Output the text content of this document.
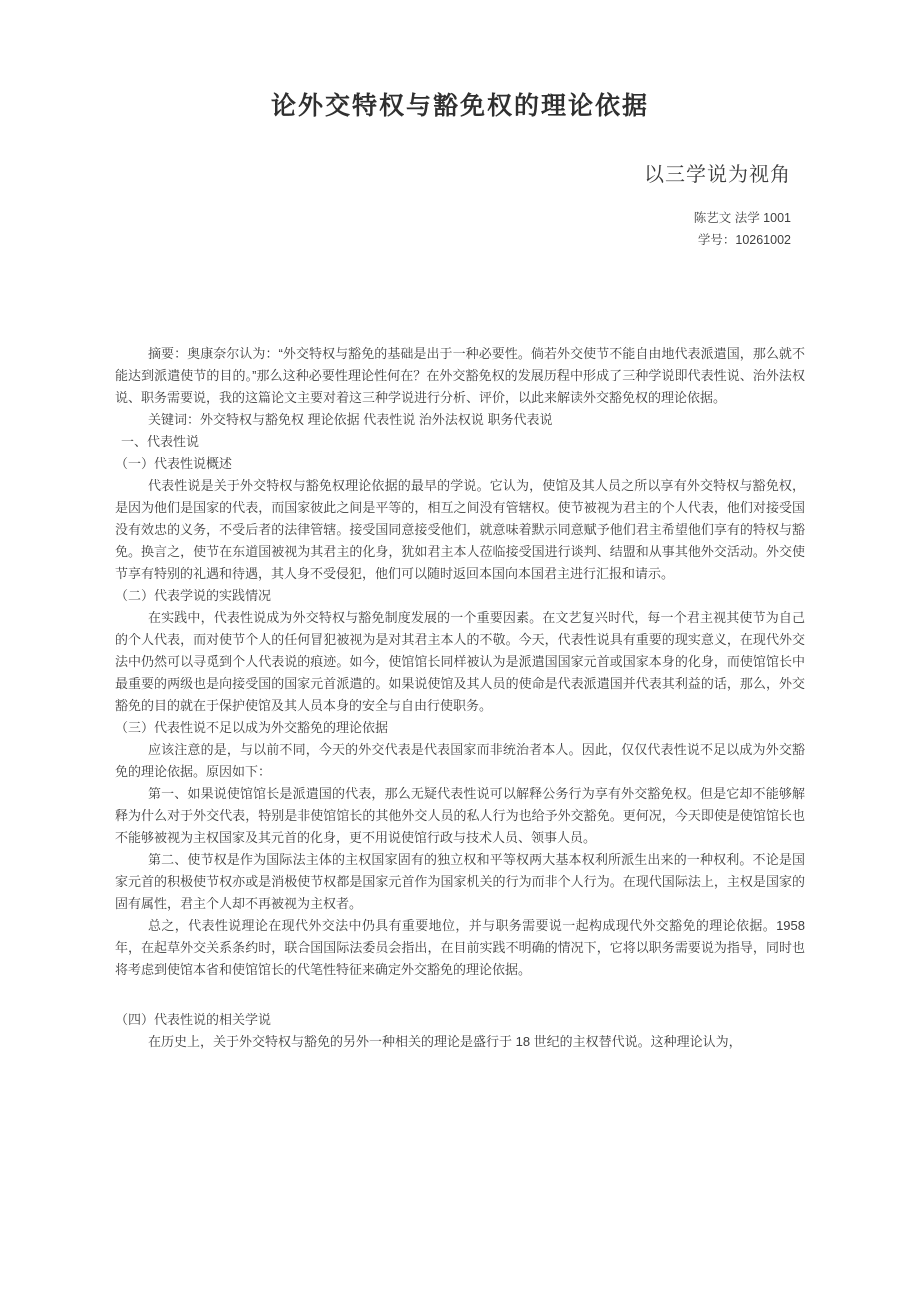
论外交特权与豁免权的理论依据
以三学说为视角
陈艺文 法学 1001
学号：10261002

摘要：奥康奈尔认为：“外交特权与豁免的基础是出于一种必要性。倘若外交使节不能自由地代表派遣国，那么就不能达到派遣使节的目的。”那么这种必要性理论性何在？在外交豁免权的发展历程中形成了三种学说即代表性说、治外法权说、职务需要说，我的这篇论文主要对着这三种学说进行分析、评价，以此来解读外交豁免权的理论依据。

关键词：外交特权与豁免权 理论依据 代表性说 治外法权说 职务代表说

一、代表性说

（一）代表性说概述

代表性说是关于外交特权与豁免权理论依据的最早的学说。它认为，使馆及其人员之所以享有外交特权与豁免权，是因为他们是国家的代表，而国家彼此之间是平等的，相互之间没有管辖权。使节被视为君主的个人代表，他们对接受国没有效忠的义务，不受后者的法律管辖。接受国同意接受他们，就意味着默示同意赋予他们君主希望他们享有的特权与豁免。换言之，使节在东道国被视为其君主的化身，犹如君主本人莅临接受国进行谈判、结盟和从事其他外交活动。外交使节享有特别的礼遇和待遇，其人身不受侵犯，他们可以随时返回本国向本国君主进行汇报和请示。

（二）代表学说的实践情况

在实践中，代表性说成为外交特权与豁免制度发展的一个重要因素。在文艺复兴时代，每一个君主视其使节为自己的个人代表，而对使节个人的任何冒犯被视为是对其君主本人的不敬。今天，代表性说具有重要的现实意义，在现代外交法中仍然可以寻觅到个人代表说的痕迹。如今，使馆馆长同样被认为是派遣国国家元首或国家本身的化身，而使馆馆长中最重要的两级也是向接受国的国家元首派遣的。如果说使馆及其人员的使命是代表派遣国并代表其利益的话，那么，外交豁免的目的就在于保护使馆及其人员本身的安全与自由行使职务。

（三）代表性说不足以成为外交豁免的理论依据

应该注意的是，与以前不同，今天的外交代表是代表国家而非统治者本人。因此，仅仅代表性说不足以成为外交豁免的理论依据。原因如下：

第一、如果说使馆馆长是派遣国的代表，那么无疑代表性说可以解释公务行为享有外交豁免权。但是它却不能够解释为什么对于外交代表，特别是非使馆馆长的其他外交人员的私人行为也给予外交豁免。更何况，今天即使是使馆馆长也不能够被视为主权国家及其元首的化身，更不用说使馆行政与技术人员、领事人员。

第二、使节权是作为国际法主体的主权国家固有的独立权和平等权两大基本权利所派生出来的一种权利。不论是国家元首的积极使节权亦或是消极使节权都是国家元首作为国家机关的行为而非个人行为。在现代国际法上，主权是国家的固有属性，君主个人却不再被视为主权者。

总之，代表性说理论在现代外交法中仍具有重要地位，并与职务需要说一起构成现代外交豁免的理论依据。1958 年，在起草外交关系条约时，联合国国际法委员会指出，在目前实践不明确的情况下，它将以职务需要说为指导，同时也将考虑到使馆本省和使馆馆长的代笔性特征来确定外交豁免的理论依据。

（四）代表性说的相关学说

在历史上，关于外交特权与豁免的另外一种相关的理论是盛行于 18 世纪的主权替代说。这种理论认为，
